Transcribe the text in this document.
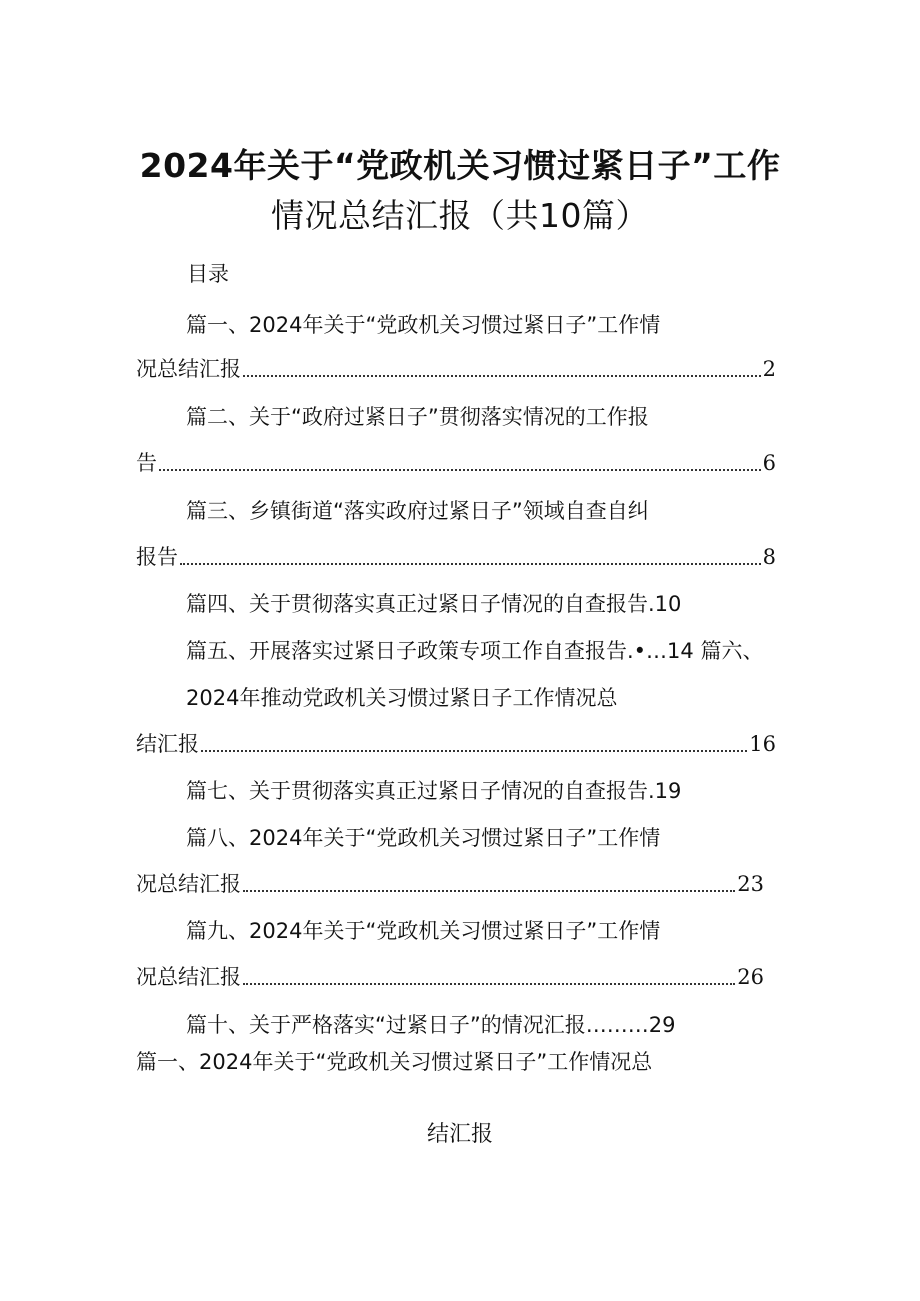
2024年关于“党政机关习惯过紧日子”工作
情况总结汇报（共10篇）
目录
篇一、2024年关于“党政机关习惯过紧日子”工作情
况总结汇报	2
篇二、关于“政府过紧日子”贯彻落实情况的工作报
告	6
篇三、乡镇街道“落实政府过紧日子”领域自查自纠
报告	8
篇四、关于贯彻落实真正过紧日子情况的自查报告.10
篇五、开展落实过紧日子政策专项工作自查报告.•…14 篇六、
2024年推动党政机关习惯过紧日子工作情况总
结汇报	16
篇七、关于贯彻落实真正过紧日子情况的自查报告.19
篇八、2024年关于“党政机关习惯过紧日子”工作情
况总结汇报	23
篇九、2024年关于“党政机关习惯过紧日子”工作情
况总结汇报	26
篇十、关于严格落实“过紧日子”的情况汇报………29
篇一、2024年关于“党政机关习惯过紧日子”工作情况总
结汇报
